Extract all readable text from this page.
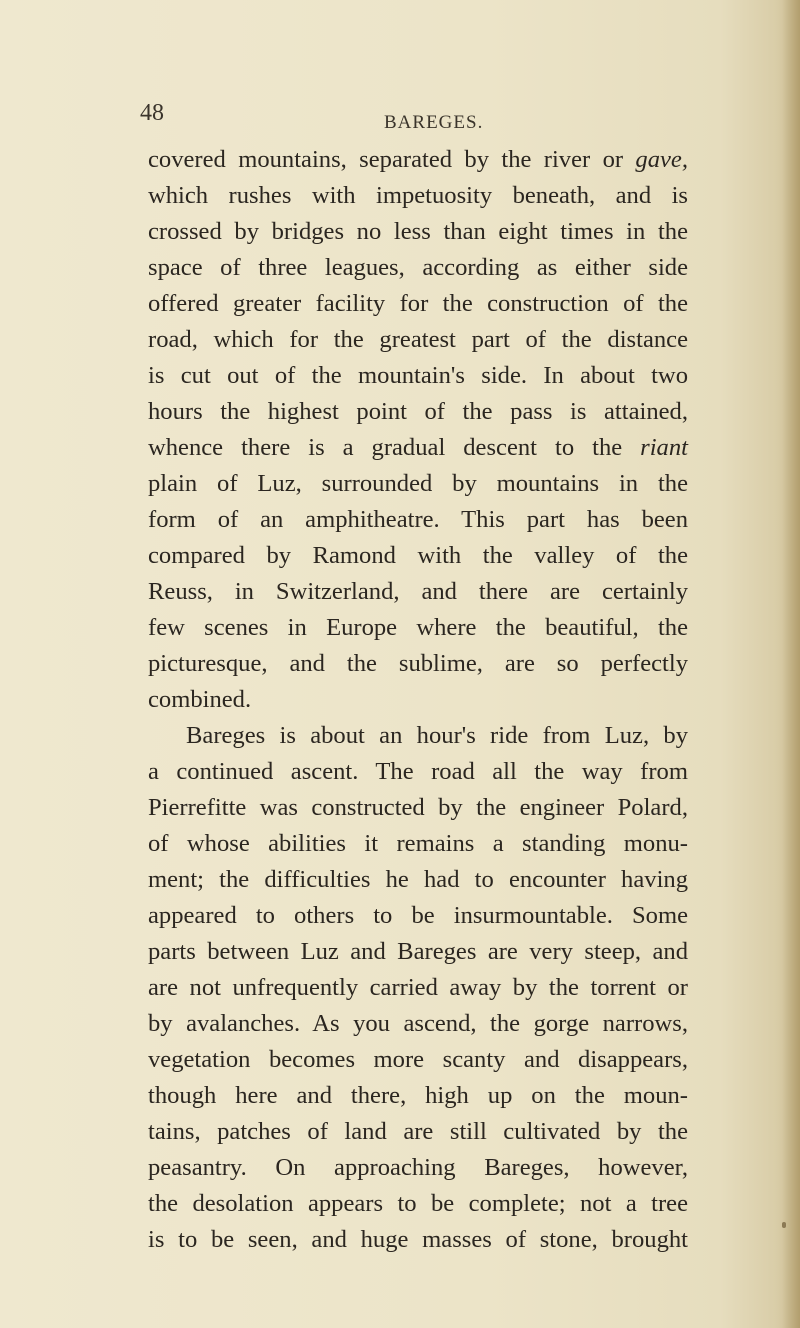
48	BAREGES.
covered mountains, separated by the river or gave,
which rushes with impetuosity beneath, and is
crossed by bridges no less than eight times in the
space of three leagues, according as either side
offered greater facility for the construction of the
road, which for the greatest part of the distance
is cut out of the mountain's side. In about two
hours the highest point of the pass is attained,
whence there is a gradual descent to the riant
plain of Luz, surrounded by mountains in the
form of an amphitheatre. This part has been
compared by Ramond with the valley of the
Reuss, in Switzerland, and there are certainly
few scenes in Europe where the beautiful, the
picturesque, and the sublime, are so perfectly
combined.
Bareges is about an hour's ride from Luz, by
a continued ascent. The road all the way from
Pierrefitte was constructed by the engineer Polard,
of whose abilities it remains a standing monu-
ment; the difficulties he had to encounter having
appeared to others to be insurmountable. Some
parts between Luz and Bareges are very steep, and
are not unfrequently carried away by the torrent or
by avalanches. As you ascend, the gorge narrows,
vegetation becomes more scanty and disappears,
though here and there, high up on the moun-
tains, patches of land are still cultivated by the
peasantry. On approaching Bareges, however,
the desolation appears to be complete; not a tree
is to be seen, and huge masses of stone, brought
